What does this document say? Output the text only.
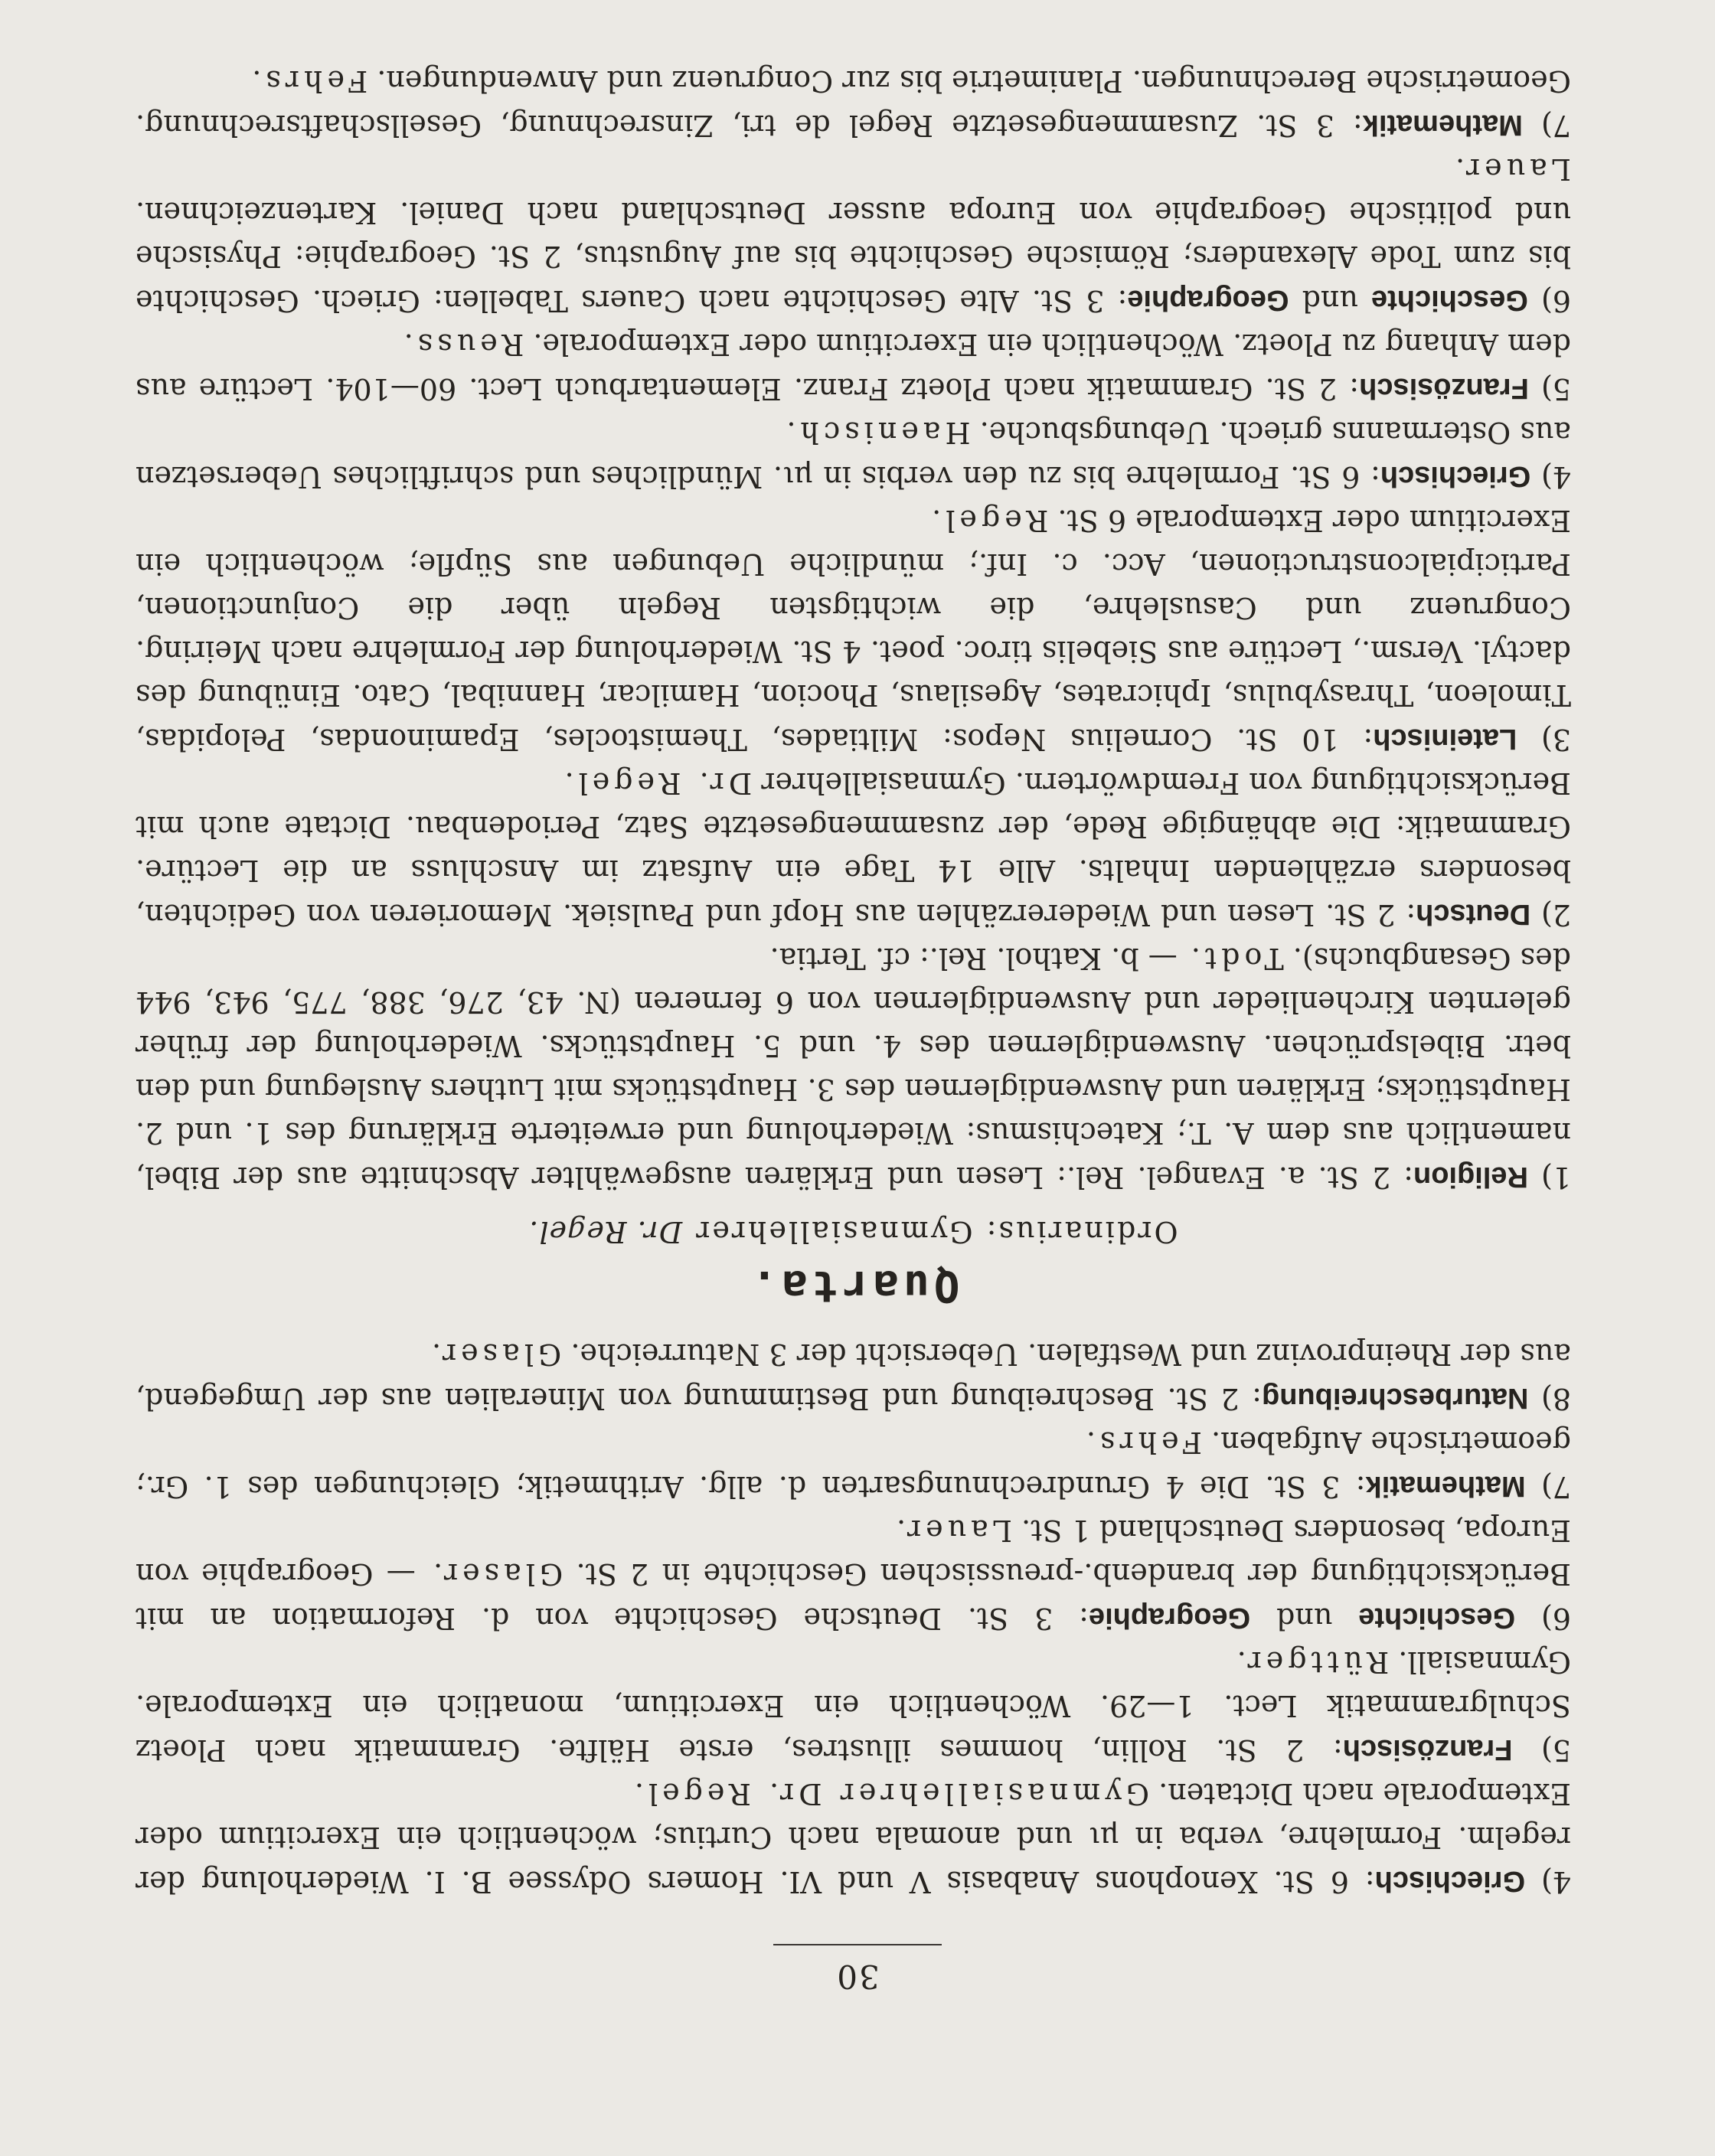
30

4) Griechisch: 6 St. Xenophons Anabasis V und VI. Homers Odyssee B. I. Wiederholung der regelm. Formlehre, verba in μι und anomala nach Curtius; wöchentlich ein Exercitium oder Extemporale nach Dictaten. Gymnasiallehrer Dr. Regel.

5) Französisch: 2 St. Rollin, hommes illustres, erste Hälfte. Grammatik nach Ploetz Schulgrammatik Lect. 1—29. Wöchentlich ein Exercitium, monatlich ein Extemporale. Gymnasiall. Rüttger.

6) Geschichte und Geographie: 3 St. Deutsche Geschichte von d. Reformation an mit Berücksichtigung der brandenb.-preussischen Geschichte in 2 St. Glaser. — Geographie von Europa, besonders Deutschland 1 St. Lauer.

7) Mathematik: 3 St. Die 4 Grundrechnungsarten d. allg. Arithmetik; Gleichungen des 1. Gr.; geometrische Aufgaben. Fehrs.

8) Naturbeschreibung: 2 St. Beschreibung und Bestimmung von Mineralien aus der Umgegend, aus der Rheinprovinz und Westfalen. Uebersicht der 3 Naturreiche. Glaser.

Quarta.
Ordinarius: Gymnasiallehrer Dr. Regel.

1) Religion: 2 St. a. Evangel. Rel.: Lesen und Erklären ausgewählter Abschnitte aus der Bibel, namentlich aus dem A. T.; Katechismus: Wiederholung und erweiterte Erklärung des 1. und 2. Hauptstücks; Erklären und Auswendiglernen des 3. Hauptstücks mit Luthers Auslegung und den betr. Bibelsprüchen. Auswendiglernen des 4. und 5. Hauptstücks. Wiederholung der früher gelernten Kirchenlieder und Auswendiglernen von 6 ferneren (N. 43, 276, 388, 775, 943, 944 des Gesangbuchs). Todt. — b. Kathol. Rel.: cf. Tertia.

2) Deutsch: 2 St. Lesen und Wiedererzählen aus Hopf und Paulsiek. Memorieren von Gedichten, besonders erzählenden Inhalts. Alle 14 Tage ein Aufsatz im Anschluss an die Lectüre. Grammatik: Die abhängige Rede, der zusammengesetzte Satz, Periodenbau. Dictate auch mit Berücksichtigung von Fremdwörtern. Gymnasiallehrer Dr. Regel.

3) Lateinisch: 10 St. Cornelius Nepos: Miltiades, Themistocles, Epaminondas, Pelopidas, Timoleon, Thrasybulus, Iphicrates, Agesilaus, Phocion, Hamilcar, Hannibal, Cato. Einübung des dactyl. Versm., Lectüre aus Siebelis tiroc. poet. 4 St. Wiederholung der Formlehre nach Meiring. Congruenz und Casuslehre, die wichtigsten Regeln über die Conjunctionen, Participialconstructionen, Acc. c. Inf.; mündliche Uebungen aus Süpfle; wöchentlich ein Exercitium oder Extemporale 6 St. Regel.

4) Griechisch: 6 St. Formlehre bis zu den verbis in μι. Mündliches und schriftliches Uebersetzen aus Ostermanns griech. Uebungsbuche. Haenisch.

5) Französisch: 2 St. Grammatik nach Ploetz Franz. Elementarbuch Lect. 60—104. Lectüre aus dem Anhang zu Ploetz. Wöchentlich ein Exercitium oder Extemporale. Reuss.

6) Geschichte und Geographie: 3 St. Alte Geschichte nach Cauers Tabellen: Griech. Geschichte bis zum Tode Alexanders; Römische Geschichte bis auf Augustus, 2 St. Geographie: Physische und politische Geographie von Europa ausser Deutschland nach Daniel. Kartenzeichnen. Lauer.

7) Mathematik: 3 St. Zusammengesetzte Regel de tri, Zinsrechnung, Gesellschaftsrechnung. Geometrische Berechnungen. Planimetrie bis zur Congruenz und Anwendungen. Fehrs.
